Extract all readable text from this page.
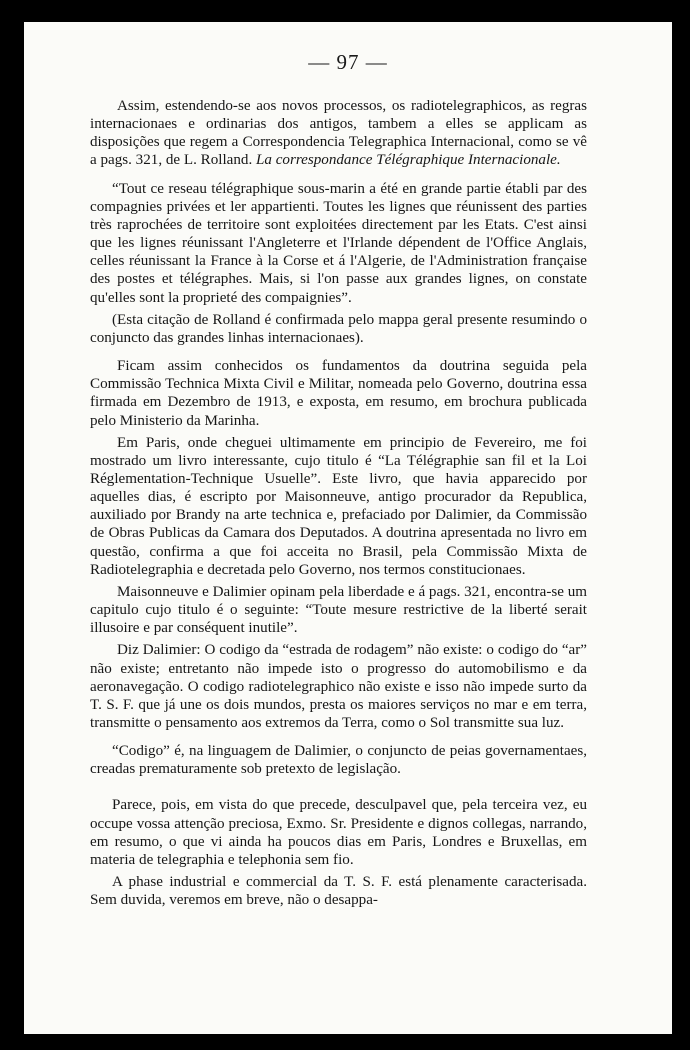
— 97 —

Assim, estendendo-se aos novos processos, os radiotelegraphicos, as regras internacionaes e ordinarias dos antigos, tambem a elles se applicam as disposições que regem a Correspondencia Telegraphica Internacional, como se vê a pags. 321, de L. Rolland. La correspondance Télégraphique Internacionale.

“Tout ce reseau télégraphique sous-marin a été en grande partie établi par des compagnies privées et ler appartienti. Toutes les lignes que réunissent des parties très raprochées de territoire sont exploitées directement par les Etats. C'est ainsi que les lignes réunissant l'Angleterre et l'Irlande dépendent de l'Office Anglais, celles réunissant la France à la Corse et á l'Algerie, de l'Administration française des postes et télégraphes. Mais, si l'on passe aux grandes lignes, on constate qu'elles sont la proprieté des compaignies”.

(Esta citação de Rolland é confirmada pelo mappa geral presente resumindo o conjuncto das grandes linhas internacionaes).

Ficam assim conhecidos os fundamentos da doutrina seguida pela Commissão Technica Mixta Civil e Militar, nomeada pelo Governo, doutrina essa firmada em Dezembro de 1913, e exposta, em resumo, em brochura publicada pelo Ministerio da Marinha.

Em Paris, onde cheguei ultimamente em principio de Fevereiro, me foi mostrado um livro interessante, cujo titulo é “La Télégraphie san fil et la Loi Réglementation-Technique Usuelle”. Este livro, que havia apparecido por aquelles dias, é escripto por Maisonneuve, antigo procurador da Republica, auxiliado por Brandy na arte technica e, prefaciado por Dalimier, da Commissão de Obras Publicas da Camara dos Deputados. A doutrina apresentada no livro em questão, confirma a que foi acceita no Brasil, pela Commissão Mixta de Radiotelegraphia e decretada pelo Governo, nos termos constitucionaes.

Maisonneuve e Dalimier opinam pela liberdade e á pags. 321, encontra-se um capitulo cujo titulo é o seguinte: “Toute mesure restrictive de la liberté serait illusoire e par conséquent inutile”.

Diz Dalimier: O codigo da “estrada de rodagem” não existe: o codigo do “ar” não existe; entretanto não impede isto o progresso do automobilismo e da aeronavegação. O codigo radiotelegraphico não existe e isso não impede surto da T. S. F. que já une os dois mundos, presta os maiores serviços no mar e em terra, transmitte o pensamento aos extremos da Terra, como o Sol transmitte sua luz.

“Codigo” é, na linguagem de Dalimier, o conjuncto de peias governamentaes, creadas prematuramente sob pretexto de legislação.

Parece, pois, em vista do que precede, desculpavel que, pela terceira vez, eu occupe vossa attenção preciosa, Exmo. Sr. Presidente e dignos collegas, narrando, em resumo, o que vi ainda ha poucos dias em Paris, Londres e Bruxellas, em materia de telegraphia e telephonia sem fio.

A phase industrial e commercial da T. S. F. está plenamente caracterisada. Sem duvida, veremos em breve, não o desappa-
